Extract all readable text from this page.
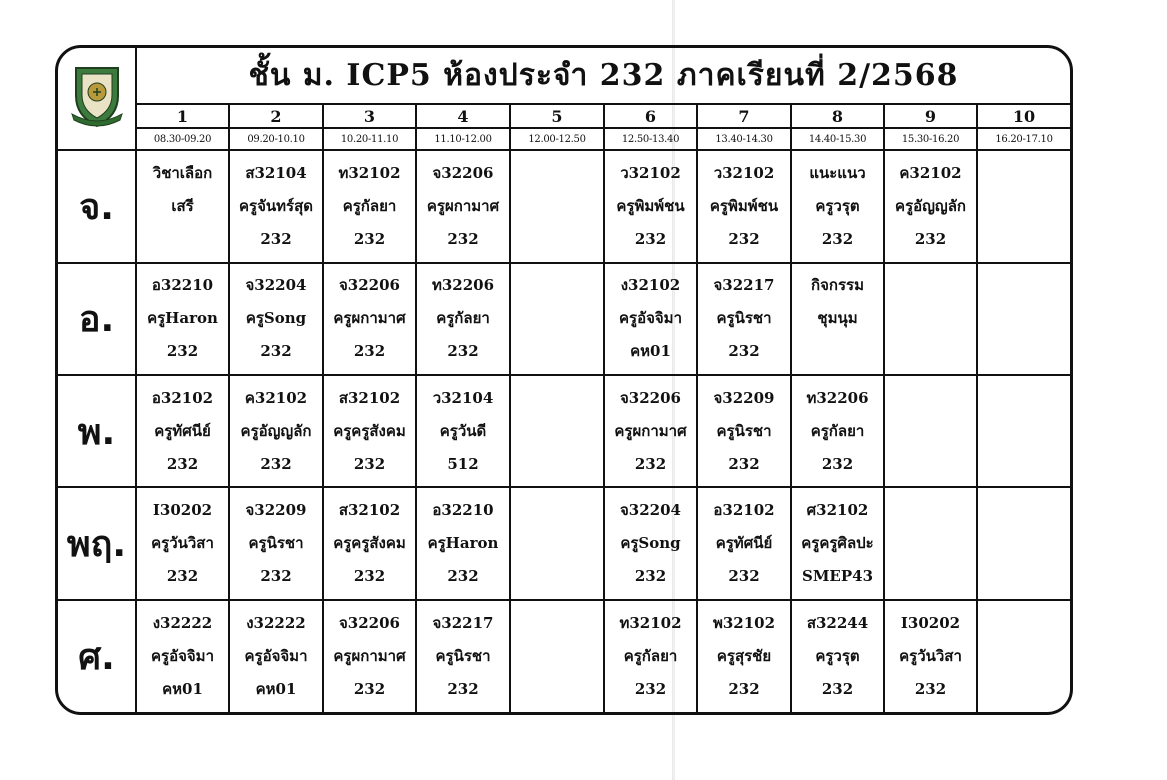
	ชั้น ม. ICP5 ห้องประจำ 232 ภาคเรียนที่ 2/2568									
	1	2	3	4	5	6	7	8	9	10
	08.30-09.20	09.20-10.10	10.20-11.10	11.10-12.00	12.00-12.50	12.50-13.40	13.40-14.30	14.40-15.30	15.30-16.20	16.20-17.10
จ.	วิชาเลือก
เสรี	ส32104
ครูจันทร์สุด
232	ท32102
ครูกัลยา
232	จ32206
ครูผกามาศ
232		ว32102
ครูพิมพ์ชน
232	ว32102
ครูพิมพ์ชน
232	แนะแนว
ครูวรุต
232	ค32102
ครูอัญญลัก
232	

อ.	อ32210
ครูHaron
232	จ32204
ครูSong
232	จ32206
ครูผกามาศ
232	ท32206
ครูกัลยา
232		ง32102
ครูอัจจิมา
คห01	จ32217
ครูนิรชา
232	กิจกรรม
ชุมนุม		

พ.	อ32102
ครูทัศนีย์
232	ค32102
ครูอัญญลัก
232	ส32102
ครูครูสังคม
232	ว32104
ครูวันดี
512		จ32206
ครูผกามาศ
232	จ32209
ครูนิรชา
232	ท32206
ครูกัลยา
232		

พฤ.	I30202
ครูวันวิสา
232	จ32209
ครูนิรชา
232	ส32102
ครูครูสังคม
232	อ32210
ครูHaron
232		จ32204
ครูSong
232	อ32102
ครูทัศนีย์
232	ศ32102
ครูครูศิลปะ
SMEP43		

ศ.	ง32222
ครูอัจจิมา
คห01	ง32222
ครูอัจจิมา
คห01	จ32206
ครูผกามาศ
232	จ32217
ครูนิรชา
232		ท32102
ครูกัลยา
232	พ32102
ครูสุรชัย
232	ส32244
ครูวรุต
232	I30202
ครูวันวิสา
232	
